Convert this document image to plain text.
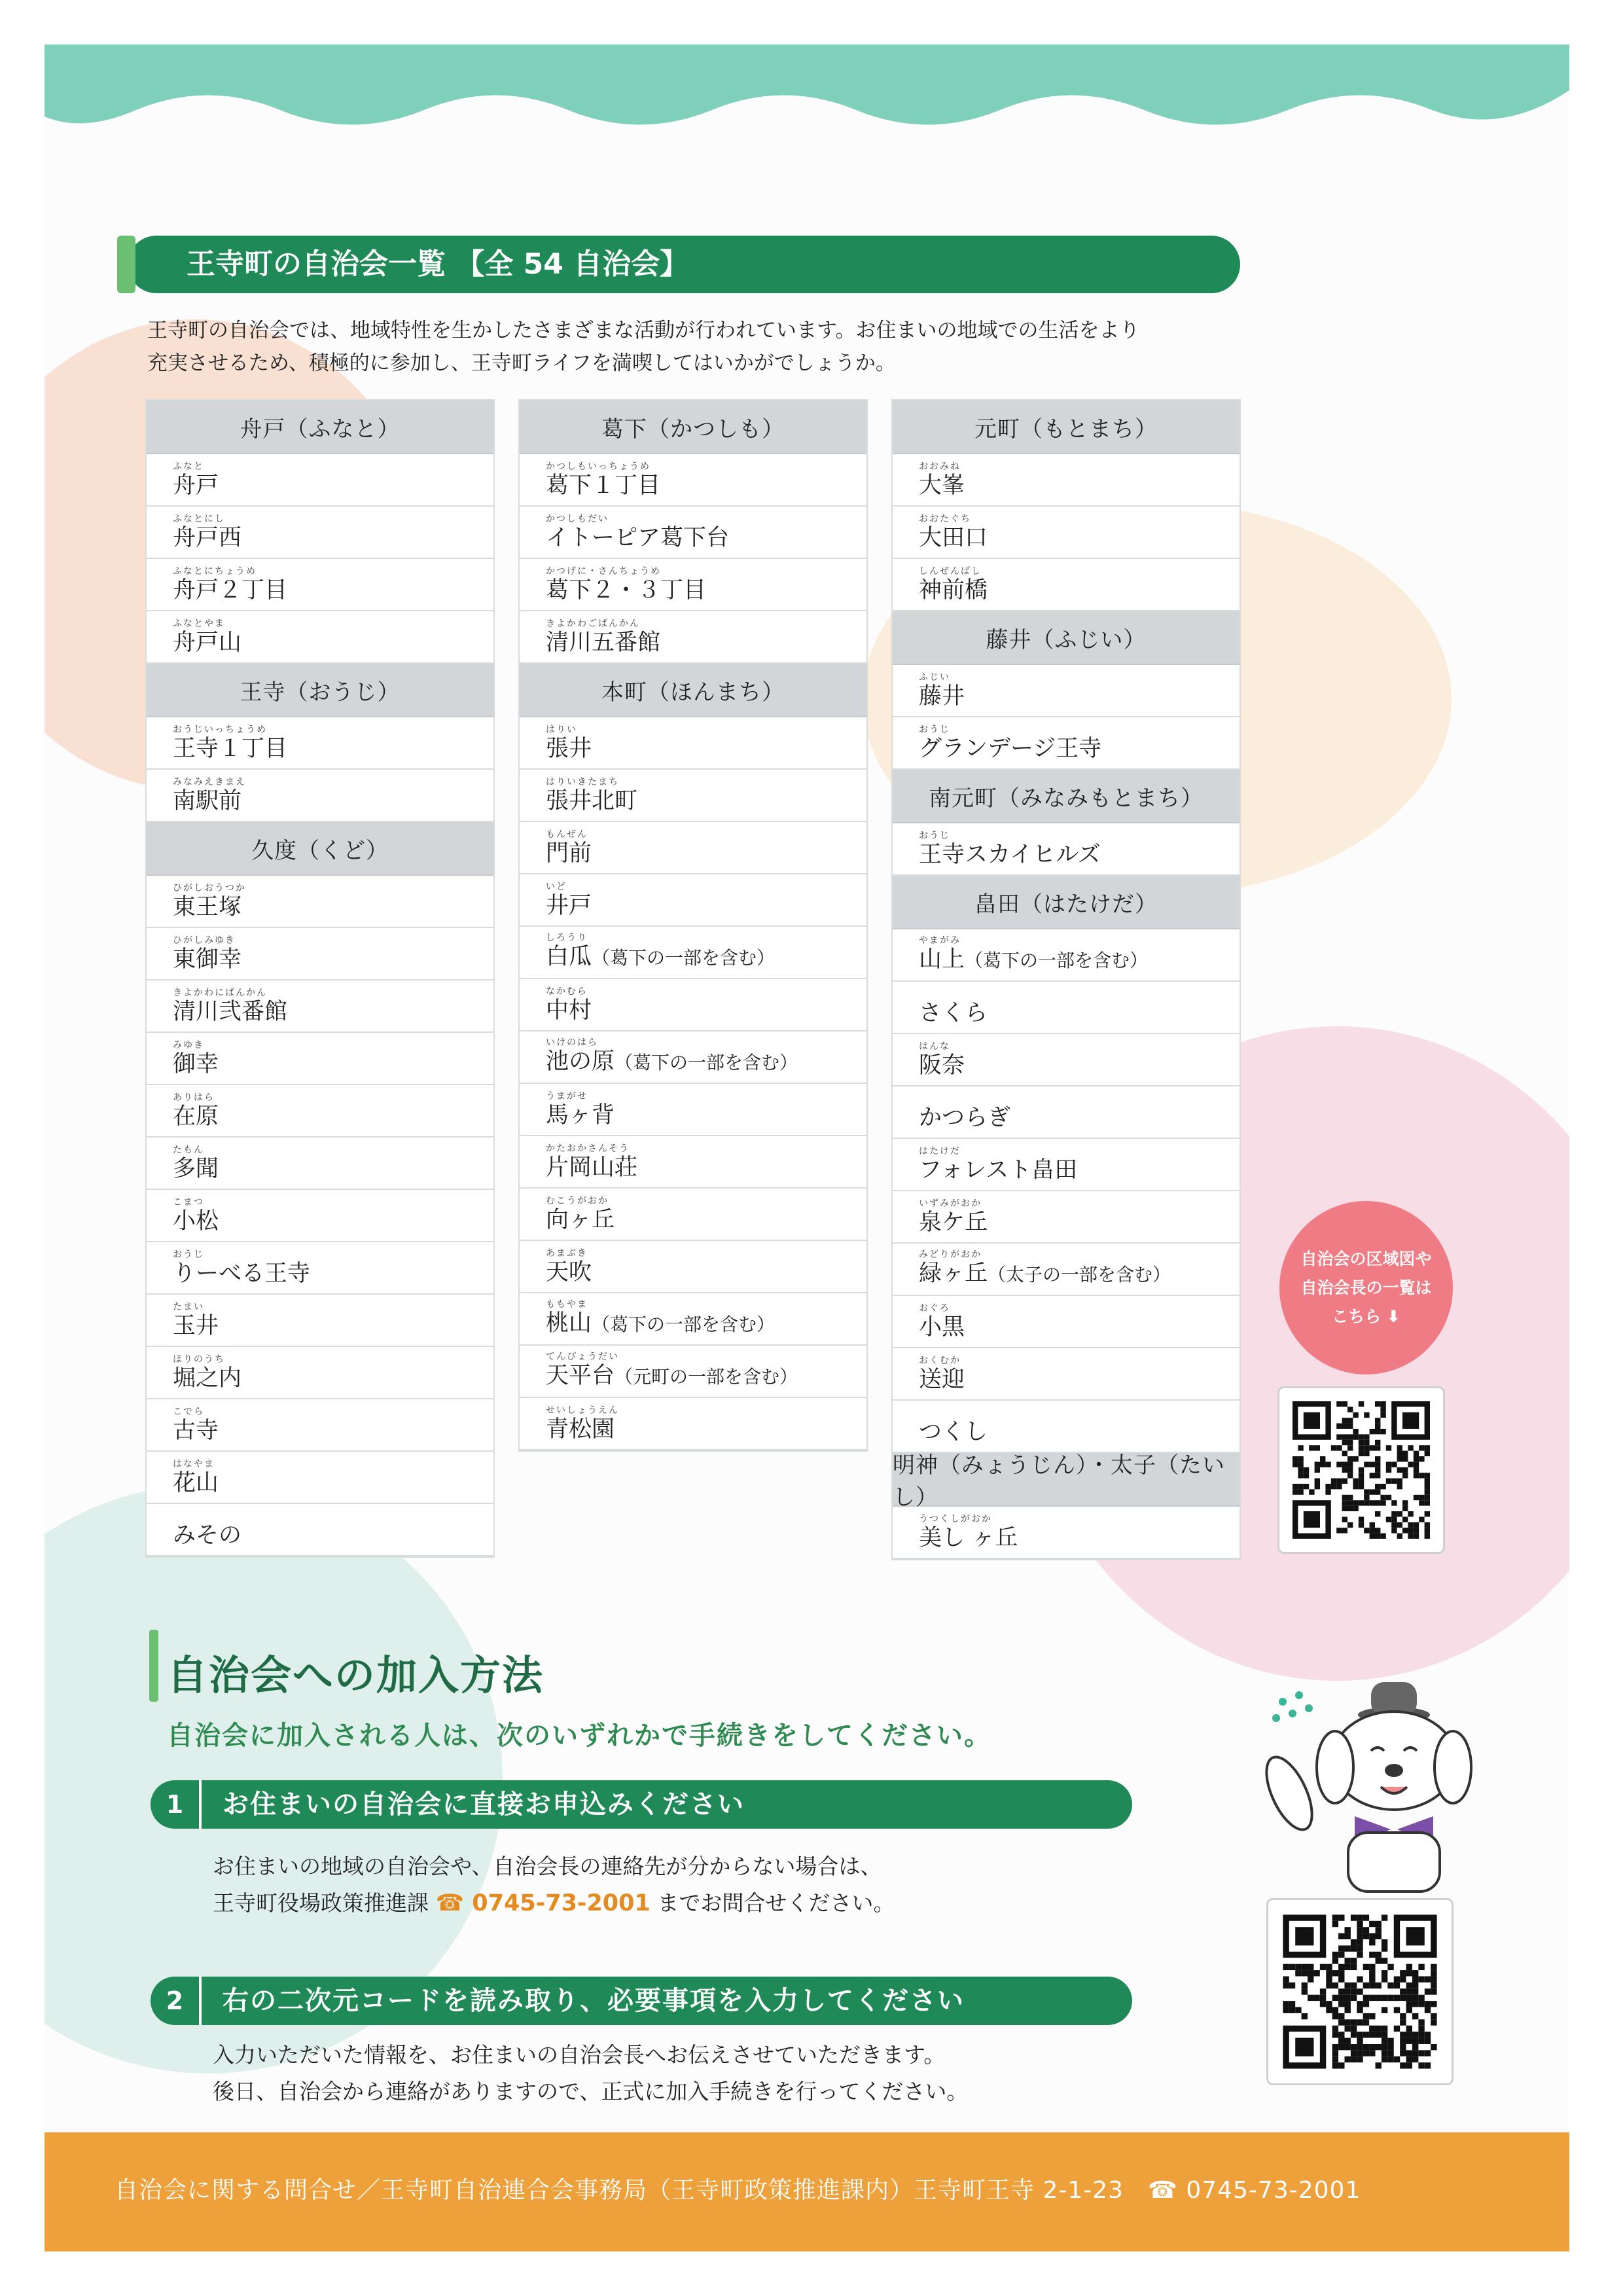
王寺町の自治会一覧 【全 54 自治会】
王寺町の自治会では、地域特性を生かしたさまざまな活動が行われています。お住まいの地域での生活をより
充実させるため、積極的に参加し、王寺町ライフを満喫してはいかがでしょうか。
舟戸（ふなと）
ふなと
舟戸
ふなとにし
舟戸西
ふなとにちょうめ
舟戸２丁目
ふなとやま
舟戸山
王寺（おうじ）
おうじいっちょうめ
王寺１丁目
みなみえきまえ
南駅前
久度（くど）
ひがしおうつか
東王塚
ひがしみゆき
東御幸
きよかわにばんかん
清川弐番館
みゆき
御幸
ありはら
在原
たもん
多聞
こまつ
小松
おうじ
りーべる王寺
たまい
玉井
ほりのうち
堀之内
こでら
古寺
はなやま
花山
みその
葛下（かつしも）
かつしもいっちょうめ
葛下１丁目
かつしもだい
イトーピア葛下台
かつげに・さんちょうめ
葛下２・３丁目
きよかわごばんかん
清川五番館
本町（ほんまち）
はりい
張井
はりいきたまち
張井北町
もんぜん
門前
いど
井戸
しろうり
白瓜（葛下の一部を含む）
なかむら
中村
いけのはら
池の原（葛下の一部を含む）
うまがせ
馬ヶ背
かたおかさんそう
片岡山荘
むこうがおか
向ヶ丘
あまぶき
天吹
ももやま
桃山（葛下の一部を含む）
てんぴょうだい
天平台（元町の一部を含む）
せいしょうえん
青松園
元町（もとまち）
おおみね
大峯
おおたぐち
大田口
しんぜんばし
神前橋
藤井（ふじい）
ふじい
藤井
おうじ
グランデージ王寺
南元町（みなみもとまち）
おうじ
王寺スカイヒルズ
畠田（はたけだ）
やまがみ
山上（葛下の一部を含む）
さくら
はんな
阪奈
かつらぎ
はたけだ
フォレスト畠田
いずみがおか
泉ケ丘
みどりがおか
緑ヶ丘（太子の一部を含む）
おぐろ
小黒
おくむか
送迎
つくし
明神（みょうじん）・太子（たいし）
うつくしがおか
美し ヶ丘
自治会の区域図や
自治会長の一覧は
こちら ⬇
自治会への加入方法
自治会に加入される人は、次のいずれかで手続きをしてください。
1	お住まいの自治会に直接お申込みください
お住まいの地域の自治会や、自治会長の連絡先が分からない場合は、
王寺町役場政策推進課 ☎ 0745-73-2001 までお問合せください。
2	右の二次元コードを読み取り、必要事項を入力してください
入力いただいた情報を、お住まいの自治会長へお伝えさせていただきます。
後日、自治会から連絡がありますので、正式に加入手続きを行ってください。
自治会に関する問合せ／王寺町自治連合会事務局（王寺町政策推進課内）王寺町王寺 2-1-23　☎ 0745-73-2001
